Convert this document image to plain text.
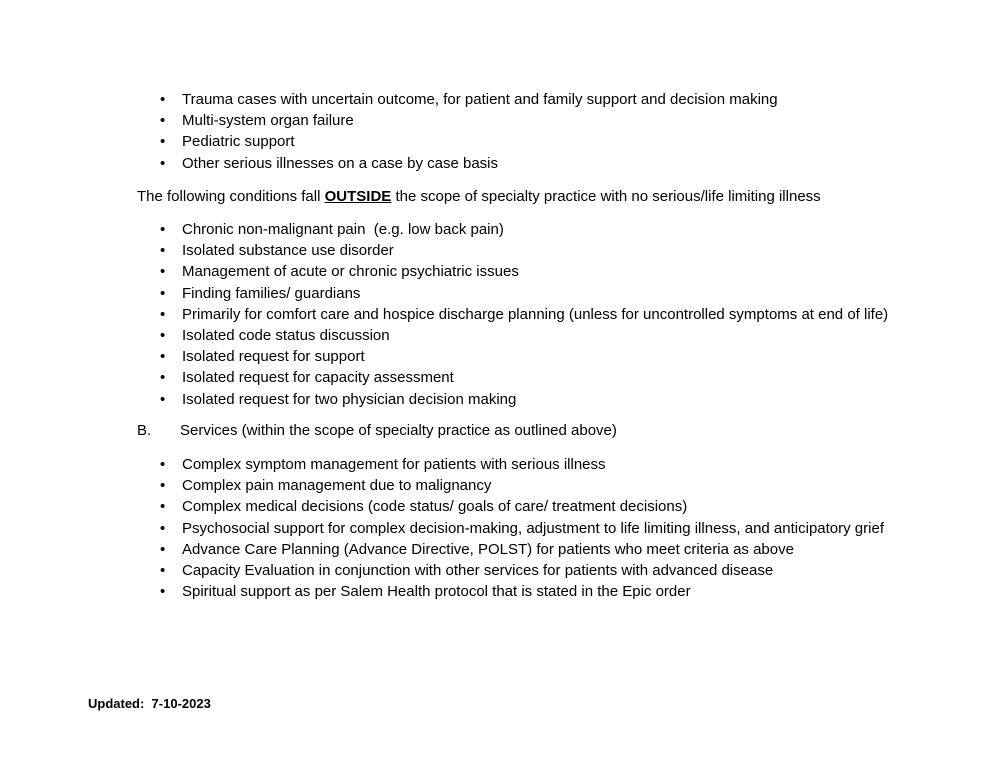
• Trauma cases with uncertain outcome, for patient and family support and decision making
• Multi-system organ failure
• Pediatric support
• Other serious illnesses on a case by case basis

The following conditions fall OUTSIDE the scope of specialty practice with no serious/life limiting illness

• Chronic non-malignant pain  (e.g. low back pain)
• Isolated substance use disorder
• Management of acute or chronic psychiatric issues
• Finding families/ guardians
• Primarily for comfort care and hospice discharge planning (unless for uncontrolled symptoms at end of life)
• Isolated code status discussion
• Isolated request for support
• Isolated request for capacity assessment
• Isolated request for two physician decision making

B. Services (within the scope of specialty practice as outlined above)

• Complex symptom management for patients with serious illness
• Complex pain management due to malignancy
• Complex medical decisions (code status/ goals of care/ treatment decisions)
• Psychosocial support for complex decision-making, adjustment to life limiting illness, and anticipatory grief
• Advance Care Planning (Advance Directive, POLST) for patients who meet criteria as above
• Capacity Evaluation in conjunction with other services for patients with advanced disease
• Spiritual support as per Salem Health protocol that is stated in the Epic order
Updated:  7-10-2023
